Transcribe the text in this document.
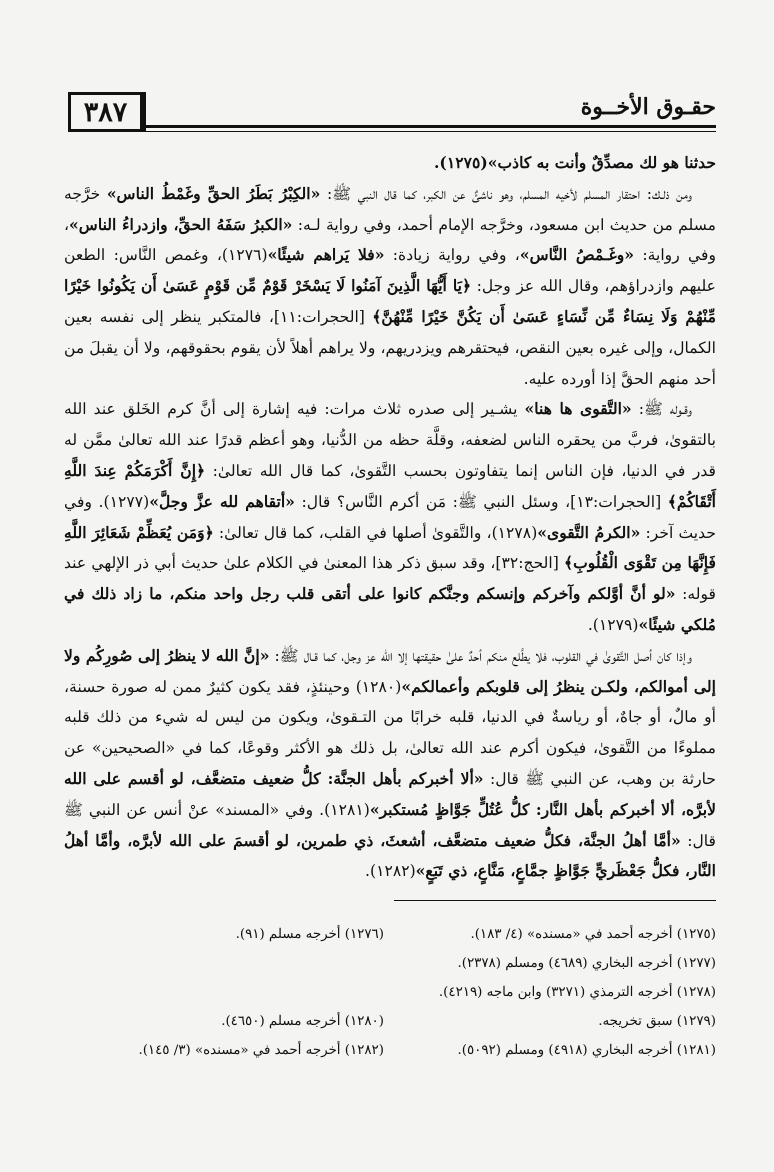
٣٨٧	حقـوق الأخــوة

حدثنا هو لك مصدِّقٌ وأنت به كاذب»(١٢٧٥).

ومن ذلـك: احتقار المسلم لأخيه المسلم، وهو ناشئٌ عن الكبر، كما قال النبي ﷺ: «الكِبْرُ بَطَرُ الحقِّ وغَمْطُ الناس» خرَّجه مسلم من حديث ابن مسعود، وخرَّجه الإمام أحمد، وفي رواية لـه: «الكبرُ سَفَهُ الحقِّ، وازدراءُ الناس»، وفي رواية: «وغَـمْصُ النَّاس»، وفي رواية زيادة: «فلا يَراهم شيئًا»(١٢٧٦)، وغمص النَّاس: الطعن عليهم وازدراؤهم، وقال الله عز وجل: ﴿يَا أَيُّهَا الَّذِينَ آمَنُوا لَا يَسْخَرْ قَوْمٌ مِّن قَوْمٍ عَسَىٰ أَن يَكُونُوا خَيْرًا مِّنْهُمْ وَلَا نِسَاءٌ مِّن نِّسَاءٍ عَسَىٰ أَن يَكُنَّ خَيْرًا مِّنْهُنَّ﴾ [الحجرات:١١]، فالمتكبر ينظر إلى نفسه بعين الكمال، وإلى غيره بعين النقص، فيحتقرهم ويزدريهم، ولا يراهم أهلاً لأن يقوم بحقوقهم، ولا أن يقبلَ من أحد منهم الحقَّ إذا أورده عليه.

وقـوله ﷺ: «التَّقوى ها هنا» يشـير إلى صدره ثلاث مرات: فيه إشارة إلى أنَّ كرم الخَلق عند الله بالتقوىٰ، فربَّ من يحقره الناس لضعفه، وقلَّة حظه من الدُّنيا، وهو أعظم قدرًا عند الله تعالىٰ ممَّن له قدر في الدنيا، فإن الناس إنما يتفاوتون بحسب التَّقوىٰ، كما قال الله تعالىٰ: ﴿إِنَّ أَكْرَمَكُمْ عِندَ اللَّهِ أَتْقَاكُمْ﴾ [الحجرات:١٣]، وسئل النبي ﷺ: مَن أكرم النَّاس؟ قال: «أتقاهم لله عزَّ وجلَّ»(١٢٧٧). وفي حديث آخر: «الكرمُ التَّقوى»(١٢٧٨)، والتَّقوىٰ أصلها في القلب، كما قال تعالىٰ: ﴿وَمَن يُعَظِّمْ شَعَائِرَ اللَّهِ فَإِنَّهَا مِن تَقْوَى الْقُلُوبِ﴾ [الحج:٣٢]، وقد سبق ذكر هذا المعنىٰ في الكلام علىٰ حديث أبي ذر الإلهي عند قوله: «لو أنَّ أوَّلكم وآخركم وإنسكم وجنَّكم كانوا على أتقى قلب رجل واحد منكم، ما زاد ذلك في مُلكي شيئًا»(١٢٧٩).

وإذا كان أصل التَّقوىٰ في القلوب، فلا يطَّلع منكم أحدٌ علىٰ حقيقتها إلا الله عز وجل، كما قـال ﷺ: «إنَّ الله لا ينظرُ إلى صُورِكُم ولا إلى أموالكم، ولكـن ينظرُ إلى قلوبكم وأعمالكم»(١٢٨٠) وحينئذٍ، فقد يكون كثيرٌ ممن له صورة حسنة، أو مالٌ، أو جاهٌ، أو رياسةٌ في الدنيا، قلبه خرابًا من التـقوىٰ، ويكون من ليس له شيء من ذلك قلبه مملوءًا من التَّقوىٰ، فيكون أكرم عند الله تعالىٰ، بل ذلك هو الأكثر وقوعًا، كما في «الصحيحين» عن حارثة بن وهب، عن النبي ﷺ قال: «ألا أخبركم بأهل الجنَّة: كلُّ ضعيف متضعَّف، لو أقسم على الله لأبرَّه، ألا أخبركم بأهل النَّار: كلُّ عُتُلٍّ جَوَّاظٍ مُستكبر»(١٢٨١). وفي «المسند» عنْ أنس عن النبي ﷺ قال: «أمَّا أهلُ الجنَّة، فكلُّ ضعيف متضعَّف، أشعثَ، ذي طمرين، لو أقسمَ على الله لأبرَّه، وأمَّا أهلُ النَّار، فكلُّ جَعْظَريٍّ جَوَّاظٍ جمَّاعٍ، مَنَّاعٍ، ذي تَبَعٍ»(١٢٨٢).

(١٢٧٥) أخرجه أحمد في «مسنده» (٤/ ١٨٣).
(١٢٧٦) أخرجه مسلم (٩١).
(١٢٧٧) أخرجه البخاري (٤٦٨٩) ومسلم (٢٣٧٨).
(١٢٧٨) أخرجه الترمذي (٣٢٧١) وابن ماجه (٤٢١٩).
(١٢٧٩) سبق تخريجه.
(١٢٨٠) أخرجه مسلم (٤٦٥٠).
(١٢٨١) أخرجه البخاري (٤٩١٨) ومسلم (٥٠٩٢).
(١٢٨٢) أخرجه أحمد في «مسنده» (٣/ ١٤٥).
